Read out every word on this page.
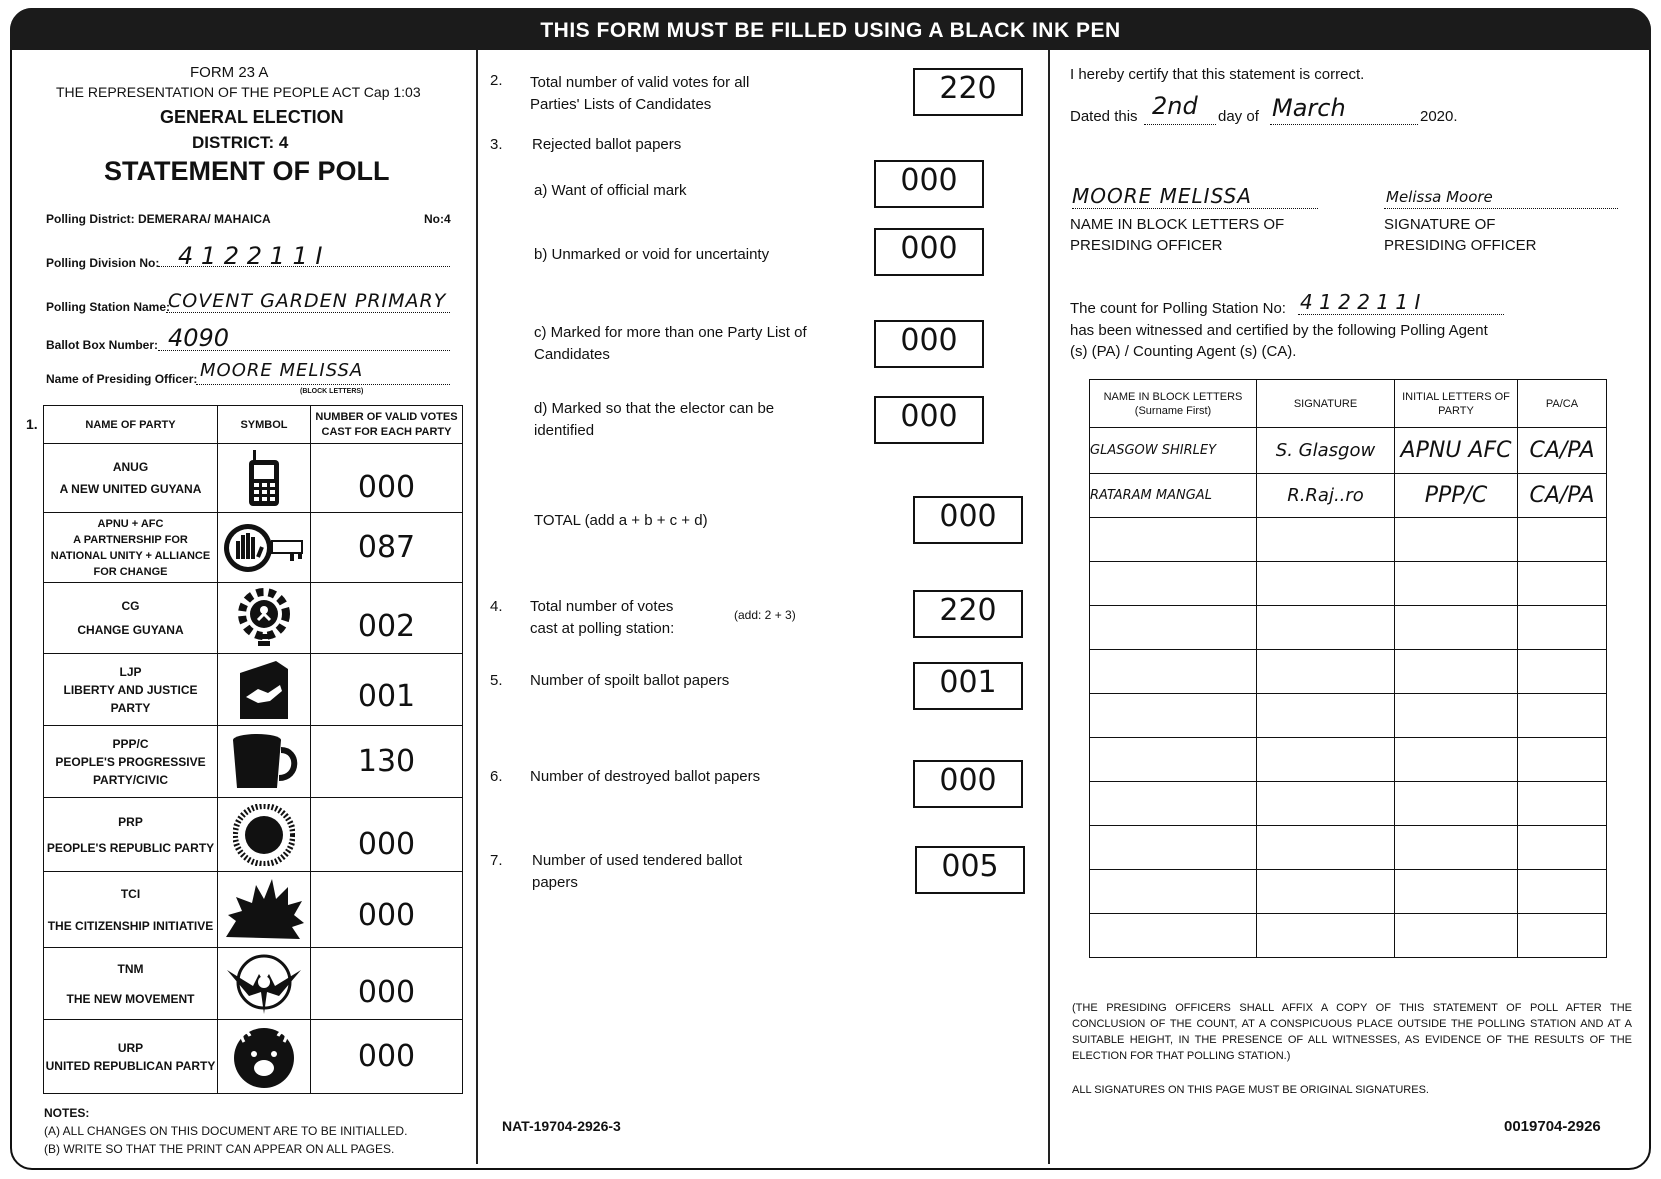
THIS FORM MUST BE FILLED USING A BLACK INK PEN
FORM 23 A
THE REPRESENTATION OF THE PEOPLE ACT Cap 1:03
GENERAL ELECTION
DISTRICT: 4
STATEMENT OF POLL
Polling District: DEMERARA/ MAHAICA	No:4
Polling Division No: 4 1 2 2 1 1 I
Polling Station Name:
COVENT GARDEN PRIMARY
Ballot Box Number: 4090
Name of Presiding Officer: MOORE MELISSA
(BLOCK LETTERS)
1.	NAME OF PARTY	SYMBOL	NUMBER OF VALID VOTES CAST FOR EACH PARTY

ANUG
A NEW UNITED GUYANA		000

APNU + AFC
A PARTNERSHIP FOR NATIONAL UNITY + ALLIANCE FOR CHANGE		087

CG
CHANGE GUYANA		002

LJP
LIBERTY AND JUSTICE PARTY		001

PPP/C
PEOPLE'S PROGRESSIVE PARTY/CIVIC		130

PRP
PEOPLE'S REPUBLIC PARTY		000

TCI
THE CITIZENSHIP INITIATIVE		000

TNM
THE NEW MOVEMENT		000

URP
UNITED REPUBLICAN PARTY		000
NOTES:
(A) ALL CHANGES ON THIS DOCUMENT ARE TO BE INITIALLED.
(B) WRITE SO THAT THE PRINT CAN APPEAR ON ALL PAGES.
2. Total number of valid votes for all Parties' Lists of Candidates	220
3. Rejected ballot papers
a) Want of official mark	000
b) Unmarked or void for uncertainty	000
c) Marked for more than one Party List of Candidates	000
d) Marked so that the elector can be identified	000
TOTAL (add a + b + c + d)	000
4. Total number of votes cast at polling station:
(add: 2 + 3)	220
5. Number of spoilt ballot papers	001
6. Number of destroyed ballot papers	000
7. Number of used tendered ballot papers	005
NAT-19704-2926-3
I hereby certify that this statement is correct.
Dated this 2nd day of March	2020.
MOORE MELISSA
NAME IN BLOCK LETTERS OF PRESIDING OFFICER
Melissa Moore
SIGNATURE OF PRESIDING OFFICER
The count for Polling Station No: 4 1 2 2 1 1 I
has been witnessed and certified by the following Polling Agent (s) (PA) / Counting Agent (s) (CA).
NAME IN BLOCK LETTERS (Surname First)	SIGNATURE	INITIAL LETTERS OF PARTY	PA/CA
GLASGOW SHIRLEY	S. Glasgow	APNU AFC	CA/PA
RATARAM MANGAL	R.Raj..ro	PPP/C	CA/PA

(THE PRESIDING OFFICERS SHALL AFFIX A COPY OF THIS STATEMENT OF POLL AFTER THE CONCLUSION OF THE COUNT, AT A CONSPICUOUS PLACE OUTSIDE THE POLLING STATION AND AT A SUITABLE HEIGHT, IN THE PRESENCE OF ALL WITNESSES, AS EVIDENCE OF THE RESULTS OF THE ELECTION FOR THAT POLLING STATION.)
ALL SIGNATURES ON THIS PAGE MUST BE ORIGINAL SIGNATURES.
0019704-2926
